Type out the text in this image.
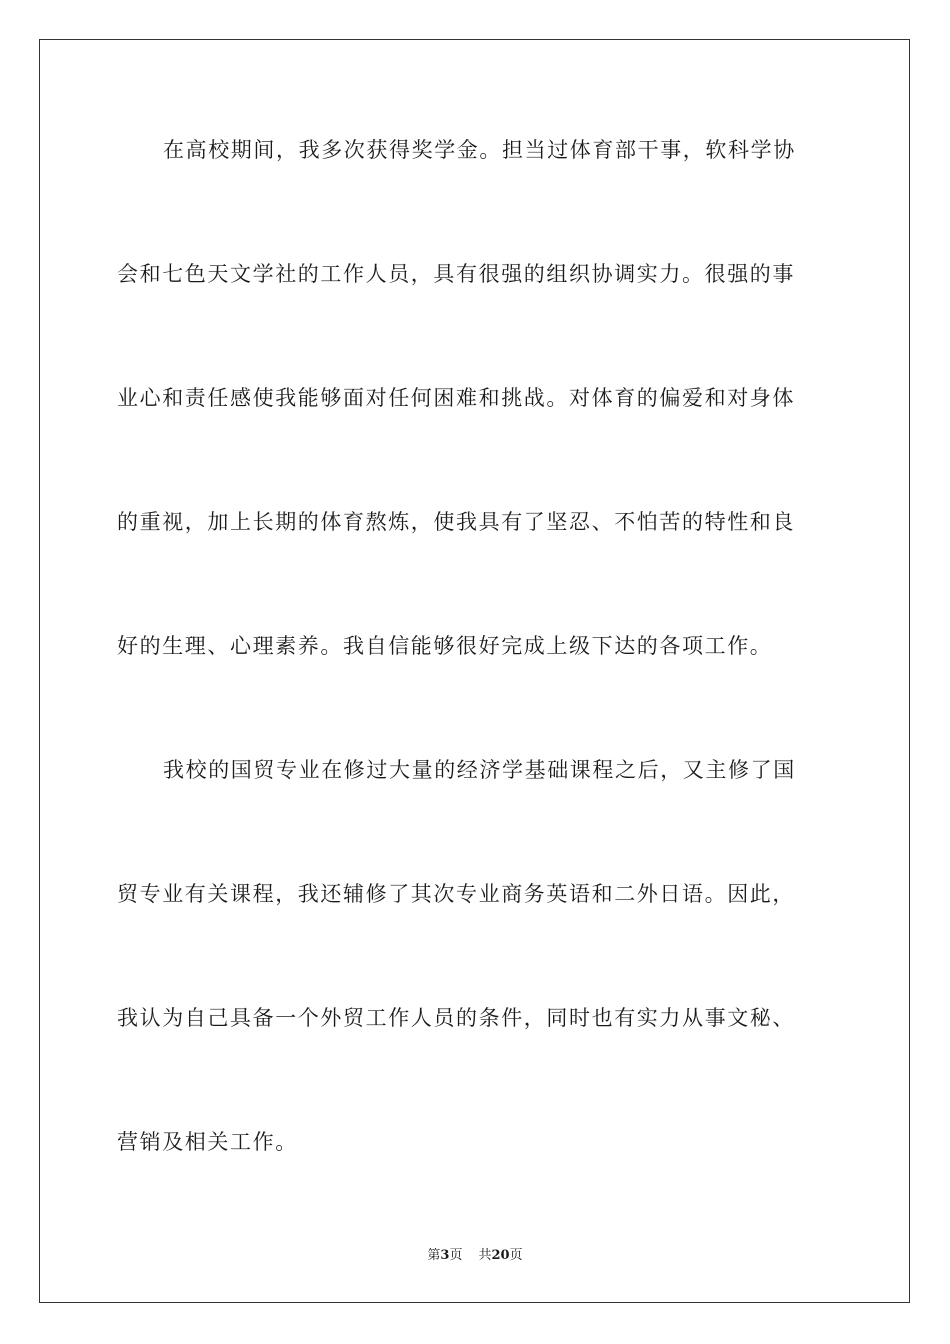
在高校期间，我多次获得奖学金。担当过体育部干事，软科学协
会和七色天文学社的工作人员，具有很强的组织协调实力。很强的事
业心和责任感使我能够面对任何困难和挑战。对体育的偏爱和对身体
的重视，加上长期的体育熬炼，使我具有了坚忍、不怕苦的特性和良
好的生理、心理素养。我自信能够很好完成上级下达的各项工作。
我校的国贸专业在修过大量的经济学基础课程之后，又主修了国
贸专业有关课程，我还辅修了其次专业商务英语和二外日语。因此，
我认为自己具备一个外贸工作人员的条件，同时也有实力从事文秘、
营销及相关工作。
第3页 共20页
